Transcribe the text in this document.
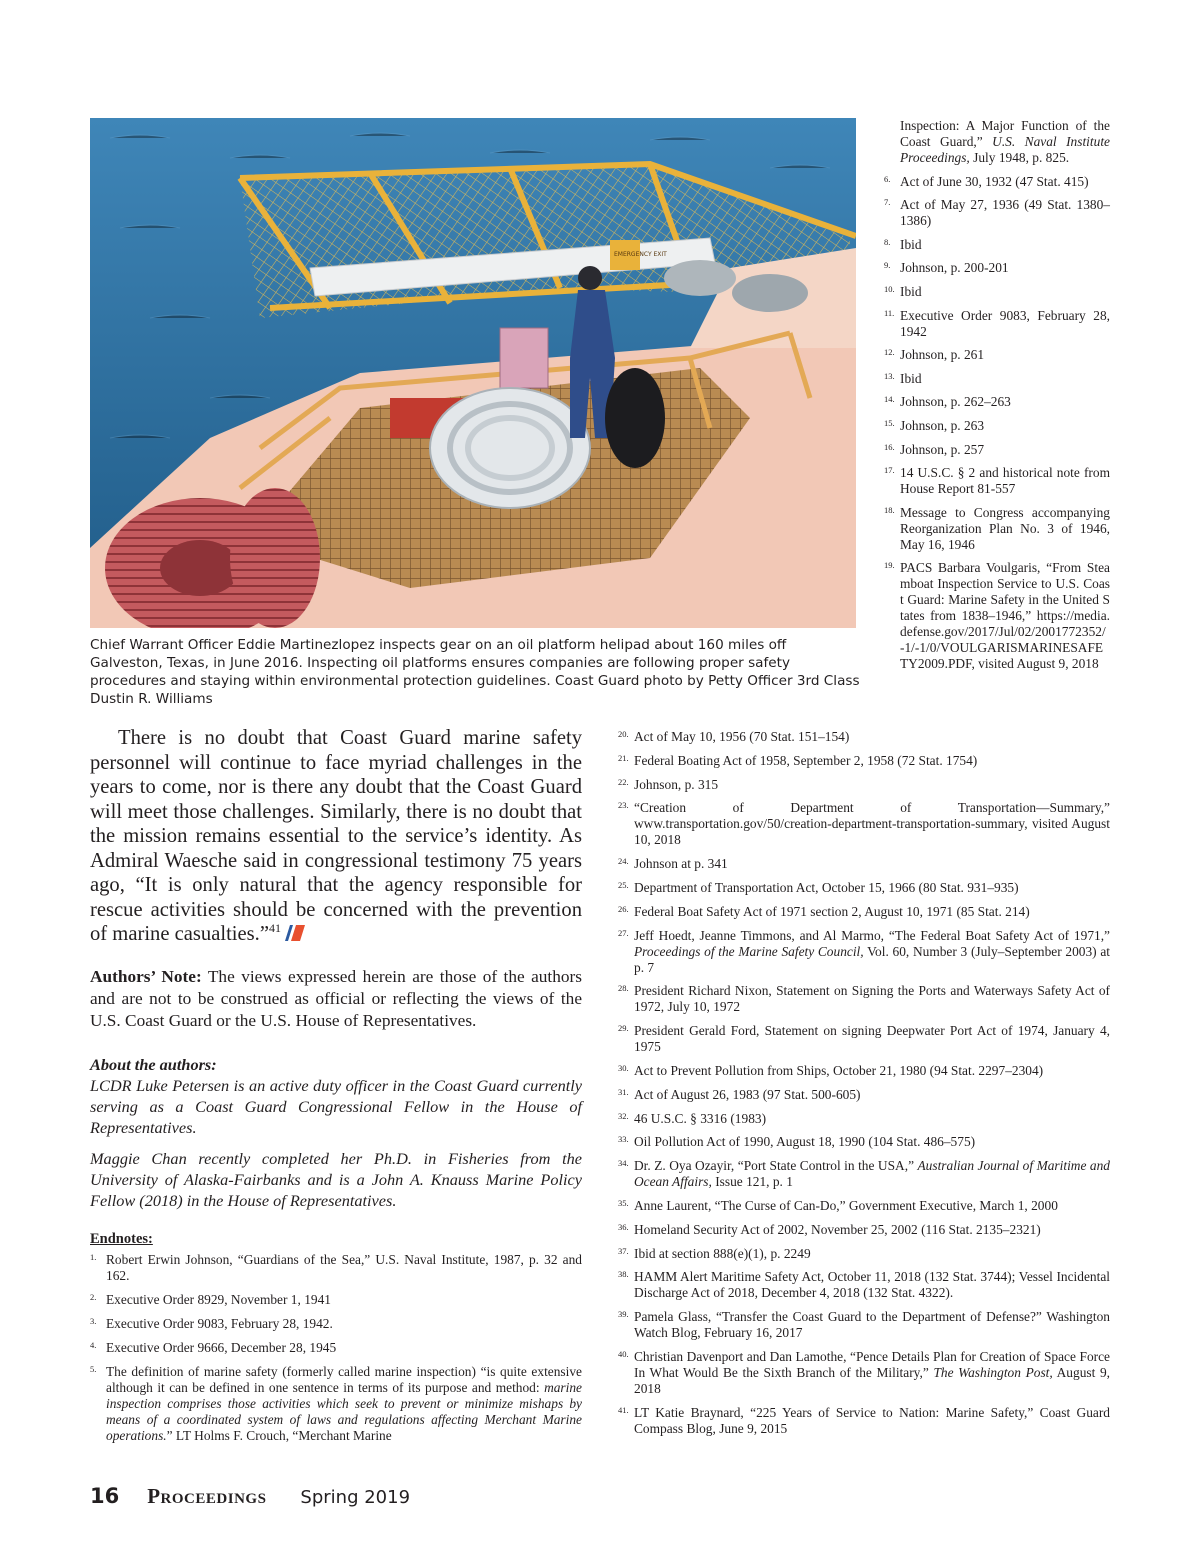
EMERGENCY EXIT
Chief Warrant Officer Eddie Martinezlopez inspects gear on an oil platform helipad about 160 miles off Galveston, Texas, in June 2016. Inspecting oil platforms ensures companies are following proper safety procedures and staying within environmental protection guidelines. Coast Guard photo by Petty Officer 3rd Class Dustin R. Williams

There is no doubt that Coast Guard marine safety personnel will continue to face myriad challenges in the years to come, nor is there any doubt that the Coast Guard will meet those challenges. Similarly, there is no doubt that the mission remains essential to the service’s identity. As Admiral Waesche said in congressional testimony 75 years ago, “It is only natural that the agency responsible for rescue activities should be concerned with the prevention of marine casualties.”$^{41}$

Authors’ Note: The views expressed herein are those of the authors and are not to be construed as official or reflecting the views of the U.S. Coast Guard or the U.S. House of Representatives.

About the authors:

LCDR Luke Petersen is an active duty officer in the Coast Guard currently serving as a Coast Guard Congressional Fellow in the House of Representatives.

Maggie Chan recently completed her Ph.D. in Fisheries from the University of Alaska-Fairbanks and is a John A. Knauss Marine Policy Fellow (2018) in the House of Representatives.

Endnotes:
1. Robert Erwin Johnson, “Guardians of the Sea,” U.S. Naval Institute, 1987, p. 32 and 162.
2. Executive Order 8929, November 1, 1941
3. Executive Order 9083, February 28, 1942.
4. Executive Order 9666, December 28, 1945
5. The definition of marine safety (formerly called marine inspection) “is quite extensive although it can be defined in one sentence in terms of its purpose and method: marine inspection comprises those activities which seek to prevent or minimize mishaps by means of a coordinated system of laws and regulations affecting Merchant Marine operations.” LT Holms F. Crouch, “Merchant Marine
Inspection: A Major Function of the Coast Guard,” U.S. Naval Institute Proceedings, July 1948, p. 825.
6. Act of June 30, 1932 (47 Stat. 415)
7. Act of May 27, 1936 (49 Stat. 1380–1386)
8. Ibid
9. Johnson, p. 200-201
10. Ibid
11. Executive Order 9083, February 28, 1942
12. Johnson, p. 261
13. Ibid
14. Johnson, p. 262–263
15. Johnson, p. 263
16. Johnson, p. 257
17. 14 U.S.C. § 2 and historical note from House Report 81-557
18. Message to Congress accompanying Reorganization Plan No. 3 of 1946, May 16, 1946
19. PACS Barbara Voulgaris, “From Steamboat Inspection Service to U.S. Coast Guard: Marine Safety in the United States from 1838–1946,” https://media.defense.gov/2017/Jul/02/2001772352/-1/-1/0/VOULGARISMARINESAFETY2009.PDF, visited August 9, 2018
20. Act of May 10, 1956 (70 Stat. 151–154)
21. Federal Boating Act of 1958, September 2, 1958 (72 Stat. 1754)
22. Johnson, p. 315
23. “Creation of Department of Transportation—Summary,” www.transportation.gov/50/creation-department-transportation-summary, visited August 10, 2018
24. Johnson at p. 341
25. Department of Transportation Act, October 15, 1966 (80 Stat. 931–935)
26. Federal Boat Safety Act of 1971 section 2, August 10, 1971 (85 Stat. 214)
27. Jeff Hoedt, Jeanne Timmons, and Al Marmo, “The Federal Boat Safety Act of 1971,” Proceedings of the Marine Safety Council, Vol. 60, Number 3 (July–September 2003) at p. 7
28. President Richard Nixon, Statement on Signing the Ports and Waterways Safety Act of 1972, July 10, 1972
29. President Gerald Ford, Statement on signing Deepwater Port Act of 1974, January 4, 1975
30. Act to Prevent Pollution from Ships, October 21, 1980 (94 Stat. 2297–2304)
31. Act of August 26, 1983 (97 Stat. 500-605)
32. 46 U.S.C. § 3316 (1983)
33. Oil Pollution Act of 1990, August 18, 1990 (104 Stat. 486–575)
34. Dr. Z. Oya Ozayir, “Port State Control in the USA,” Australian Journal of Maritime and Ocean Affairs, Issue 121, p. 1
35. Anne Laurent, “The Curse of Can-Do,” Government Executive, March 1, 2000
36. Homeland Security Act of 2002, November 25, 2002 (116 Stat. 2135–2321)
37. Ibid at section 888(e)(1), p. 2249
38. HAMM Alert Maritime Safety Act, October 11, 2018 (132 Stat. 3744); Vessel Incidental Discharge Act of 2018, December 4, 2018 (132 Stat. 4322).
39. Pamela Glass, “Transfer the Coast Guard to the Department of Defense?” Washington Watch Blog, February 16, 2017
40. Christian Davenport and Dan Lamothe, “Pence Details Plan for Creation of Space Force In What Would Be the Sixth Branch of the Military,” The Washington Post, August 9, 2018
41. LT Katie Braynard, “225 Years of Service to Nation: Marine Safety,” Coast Guard Compass Blog, June 9, 2015
16 Proceedings Spring 2019
